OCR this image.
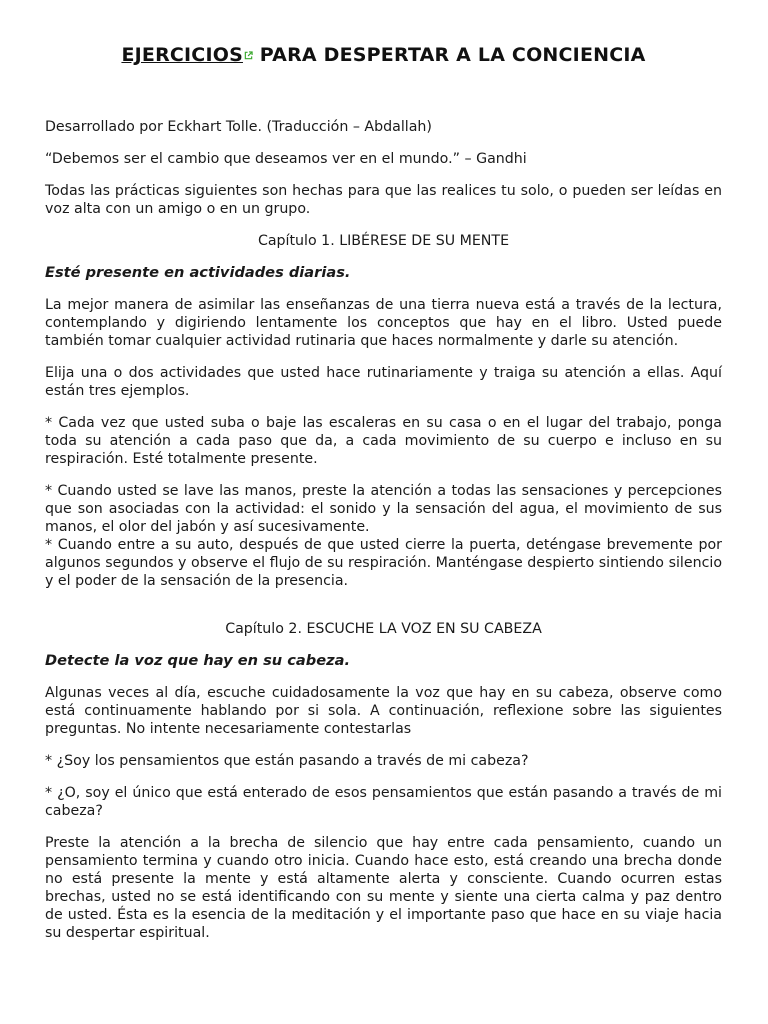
EJERCICIOS PARA DESPERTAR A LA CONCIENCIA

Desarrollado por Eckhart Tolle. (Traducción – Abdallah)

“Debemos ser el cambio que deseamos ver en el mundo.” – Gandhi

Todas las prácticas siguientes son hechas para que las realices tu solo, o pueden ser leídas en voz alta con un amigo o en un grupo.

Capítulo 1. LIBÉRESE DE SU MENTE

Esté presente en actividades diarias.

La mejor manera de asimilar las enseñanzas de una tierra nueva está a través de la lectura, contemplando y digiriendo lentamente los conceptos que hay en el libro. Usted puede también tomar cualquier actividad rutinaria que haces normalmente y darle su atención.

Elija una o dos actividades que usted hace rutinariamente y traiga su atención a ellas. Aquí están tres ejemplos.

* Cada vez que usted suba o baje las escaleras en su casa o en el lugar del trabajo, ponga toda su atención a cada paso que da, a cada movimiento de su cuerpo e incluso en su respiración. Esté totalmente presente.

* Cuando usted se lave las manos, preste la atención a todas las sensaciones y percepciones que son asociadas con la actividad: el sonido y la sensación del agua, el movimiento de sus manos, el olor del jabón y así sucesivamente.

* Cuando entre a su auto, después de que usted cierre la puerta, deténgase brevemente por algunos segundos y observe el flujo de su respiración. Manténgase despierto sintiendo silencio y el poder de la sensación de la presencia.

Capítulo 2. ESCUCHE LA VOZ EN SU CABEZA

Detecte la voz que hay en su cabeza.

Algunas veces al día, escuche cuidadosamente la voz que hay en su cabeza, observe como está continuamente hablando por si sola. A continuación, reflexione sobre las siguientes preguntas. No intente necesariamente contestarlas

* ¿Soy los pensamientos que están pasando a través de mi cabeza?

* ¿O, soy el único que está enterado de esos pensamientos que están pasando a través de mi cabeza?

Preste la atención a la brecha de silencio que hay entre cada pensamiento, cuando un pensamiento termina y cuando otro inicia. Cuando hace esto, está creando una brecha donde no está presente la mente y está altamente alerta y consciente. Cuando ocurren estas brechas, usted no se está identificando con su mente y siente una cierta calma y paz dentro de usted. Ésta es la esencia de la meditación y el importante paso que hace en su viaje hacia su despertar espiritual.
